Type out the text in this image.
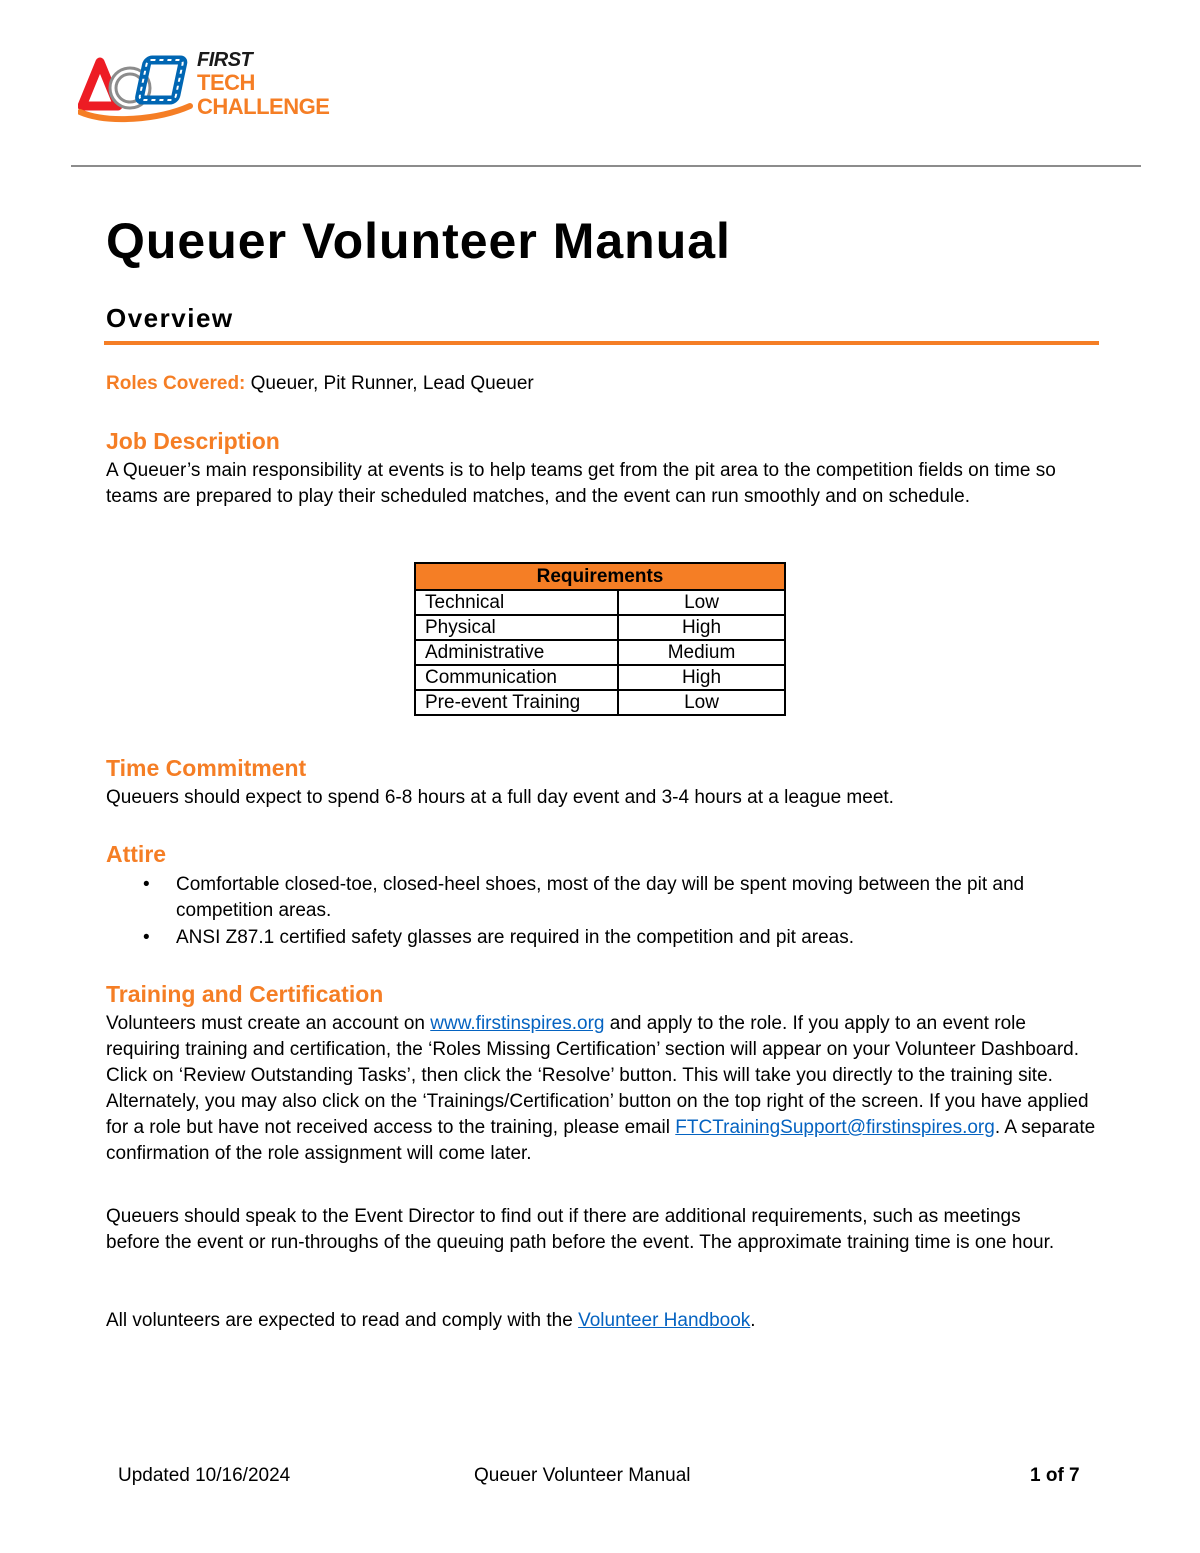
FIRST
TECH
CHALLENGE
Queuer Volunteer Manual
Overview
Roles Covered: Queuer, Pit Runner, Lead Queuer
Job Description

A Queuer’s main responsibility at events is to help teams get from the pit area to the competition fields on time so teams are prepared to play their scheduled matches, and the event can run smoothly and on schedule.

Requirements	
Technical	Low
Physical	High
Administrative	Medium
Communication	High
Pre-event Training	Low
Time Commitment

Queuers should expect to spend 6-8 hours at a full day event and 3-4 hours at a league meet.

Attire
• Comfortable closed-toe, closed-heel shoes, most of the day will be spent moving between the pit and competition areas.
• ANSI Z87.1 certified safety glasses are required in the competition and pit areas.
Training and Certification

Volunteers must create an account on www.firstinspires.org and apply to the role. If you apply to an event role requiring training and certification, the ‘Roles Missing Certification’ section will appear on your Volunteer Dashboard. Click on ‘Review Outstanding Tasks’, then click the ‘Resolve’ button. This will take you directly to the training site. Alternately, you may also click on the ‘Trainings/Certification’ button on the top right of the screen. If you have applied for a role but have not received access to the training, please email FTCTrainingSupport@firstinspires.org. A separate confirmation of the role assignment will come later.

Queuers should speak to the Event Director to find out if there are additional requirements, such as meetings before the event or run-throughs of the queuing path before the event. The approximate training time is one hour.

All volunteers are expected to read and comply with the Volunteer Handbook.

Updated 10/16/2024	Queuer Volunteer Manual	1 of 7
